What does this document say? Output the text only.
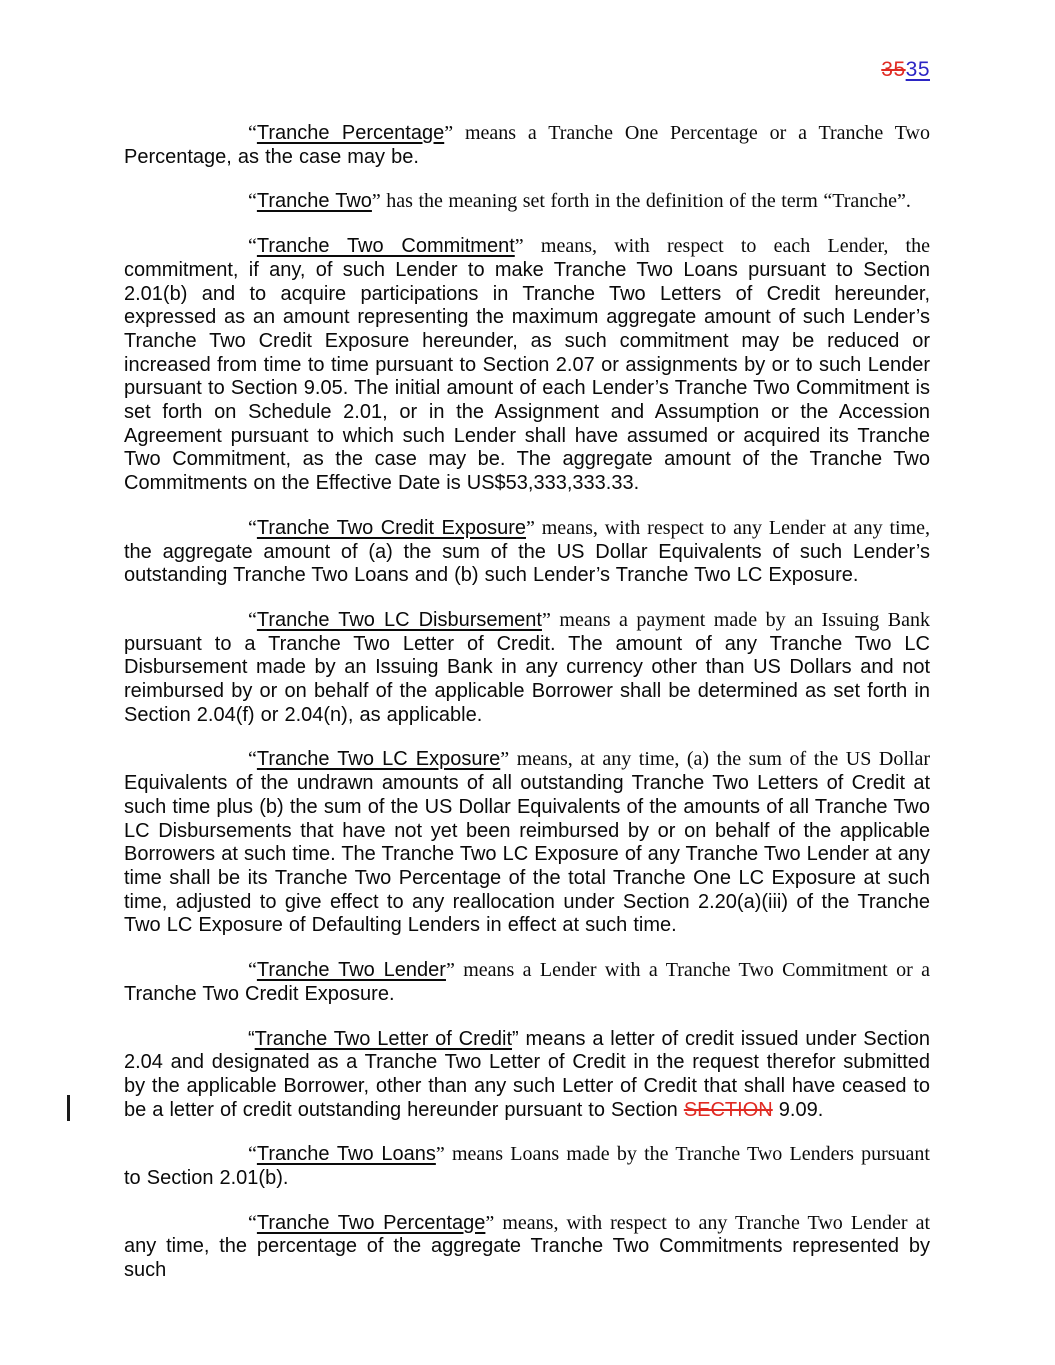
3535

“Tranche Percentage” means a Tranche One Percentage or a Tranche Two Percentage, as the case may be.

“Tranche Two” has the meaning set forth in the definition of the term “Tranche”.

“Tranche Two Commitment” means, with respect to each Lender, the commitment, if any, of such Lender to make Tranche Two Loans pursuant to Section 2.01(b) and to acquire participations in Tranche Two Letters of Credit hereunder, expressed as an amount representing the maximum aggregate amount of such Lender’s Tranche Two Credit Exposure hereunder, as such commitment may be reduced or increased from time to time pursuant to Section 2.07 or assignments by or to such Lender pursuant to Section 9.05. The initial amount of each Lender’s Tranche Two Commitment is set forth on Schedule 2.01, or in the Assignment and Assumption or the Accession Agreement pursuant to which such Lender shall have assumed or acquired its Tranche Two Commitment, as the case may be. The aggregate amount of the Tranche Two Commitments on the Effective Date is US$53,333,333.33.

“Tranche Two Credit Exposure” means, with respect to any Lender at any time, the aggregate amount of (a) the sum of the US Dollar Equivalents of such Lender’s outstanding Tranche Two Loans and (b) such Lender’s Tranche Two LC Exposure.

“Tranche Two LC Disbursement” means a payment made by an Issuing Bank pursuant to a Tranche Two Letter of Credit. The amount of any Tranche Two LC Disbursement made by an Issuing Bank in any currency other than US Dollars and not reimbursed by or on behalf of the applicable Borrower shall be determined as set forth in Section 2.04(f) or 2.04(n), as applicable.

“Tranche Two LC Exposure” means, at any time, (a) the sum of the US Dollar Equivalents of the undrawn amounts of all outstanding Tranche Two Letters of Credit at such time plus (b) the sum of the US Dollar Equivalents of the amounts of all Tranche Two LC Disbursements that have not yet been reimbursed by or on behalf of the applicable Borrowers at such time. The Tranche Two LC Exposure of any Tranche Two Lender at any time shall be its Tranche Two Percentage of the total Tranche One LC Exposure at such time, adjusted to give effect to any reallocation under Section 2.20(a)(iii) of the Tranche Two LC Exposure of Defaulting Lenders in effect at such time.

“Tranche Two Lender” means a Lender with a Tranche Two Commitment or a Tranche Two Credit Exposure.

“Tranche Two Letter of Credit” means a letter of credit issued under Section 2.04 and designated as a Tranche Two Letter of Credit in the request therefor submitted by the applicable Borrower, other than any such Letter of Credit that shall have ceased to be a letter of credit outstanding hereunder pursuant to Section SECTION 9.09.

“Tranche Two Loans” means Loans made by the Tranche Two Lenders pursuant to Section 2.01(b).

“Tranche Two Percentage” means, with respect to any Tranche Two Lender at any time, the percentage of the aggregate Tranche Two Commitments represented by such
